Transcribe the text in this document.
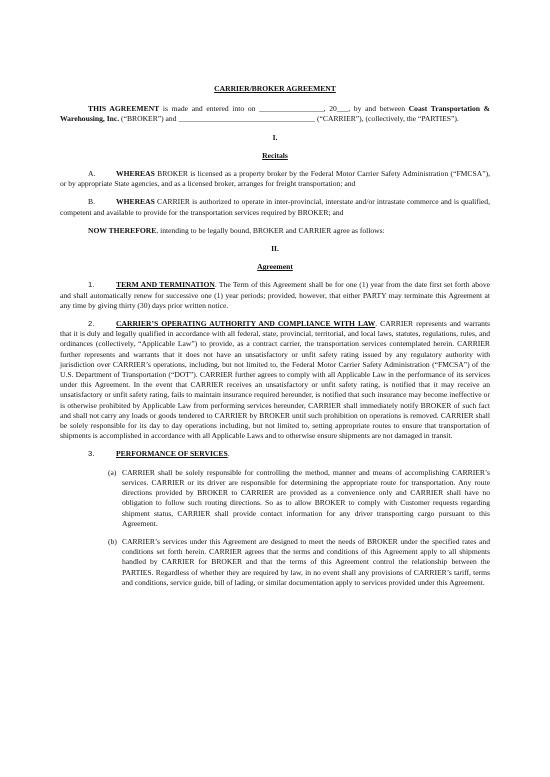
CARRIER/BROKER AGREEMENT

THIS AGREEMENT is made and entered into on _________________, 20___, by and between Coast Transportation & Warehousing, Inc. (“BROKER”) and ____________________________________ (“CARRIER”), (collectively, the “PARTIES”).

I.
Recitals

A.	WHEREAS BROKER is licensed as a property broker by the Federal Motor Carrier Safety Administration (“FMCSA”), or by appropriate State agencies, and as a licensed broker, arranges for freight transportation; and

B.	WHEREAS CARRIER is authorized to operate in inter-provincial, interstate and/or intrastate commerce and is qualified, competent and available to provide for the transportation services required by BROKER; and

NOW THEREFORE, intending to be legally bound, BROKER and CARRIER agree as follows:

II.
Agreement

1.	TERM AND TERMINATION. The Term of this Agreement shall be for one (1) year from the date first set forth above and shall automatically renew for successive one (1) year periods; provided, however, that either PARTY may terminate this Agreement at any time by giving thirty (30) days prior written notice.

2.	CARRIER’S OPERATING AUTHORITY AND COMPLIANCE WITH LAW. CARRIER represents and warrants that it is duly and legally qualified in accordance with all federal, state, provincial, territorial, and local laws, statutes, regulations, rules, and ordinances (collectively, “Applicable Law”) to provide, as a contract carrier, the transportation services contemplated herein. CARRIER further represents and warrants that it does not have an unsatisfactory or unfit safety rating issued by any regulatory authority with jurisdiction over CARRIER’s operations, including, but not limited to, the Federal Motor Carrier Safety Administration (“FMCSA”) of the U.S. Department of Transportation (“DOT”). CARRIER further agrees to comply with all Applicable Law in the performance of its services under this Agreement. In the event that CARRIER receives an unsatisfactory or unfit safety rating, is notified that it may receive an unsatisfactory or unfit safety rating, fails to maintain insurance required hereunder, is notified that such insurance may become ineffective or is otherwise prohibited by Applicable Law from performing services hereunder, CARRIER shall immediately notify BROKER of such fact and shall not carry any loads or goods tendered to CARRIER by BROKER until such prohibition on operations is removed. CARRIER shall be solely responsible for its day to day operations including, but not limited to, setting appropriate routes to ensure that transportation of shipments is accomplished in accordance with all Applicable Laws and to otherwise ensure shipments are not damaged in transit.

3.	PERFORMANCE OF SERVICES.

(a) CARRIER shall be solely responsible for controlling the method, manner and means of accomplishing CARRIER’s services. CARRIER or its driver are responsible for determining the appropriate route for transportation. Any route directions provided by BROKER to CARRIER are provided as a convenience only and CARRIER shall have no obligation to follow such routing directions. So as to allow BROKER to comply with Customer requests regarding shipment status, CARRIER shall provide contact information for any driver transporting cargo pursuant to this Agreement.
(b) CARRIER’s services under this Agreement are designed to meet the needs of BROKER under the specified rates and conditions set forth herein. CARRIER agrees that the terms and conditions of this Agreement apply to all shipments handled by CARRIER for BROKER and that the terms of this Agreement control the relationship between the PARTIES. Regardless of whether they are required by law, in no event shall any provisions of CARRIER’s tariff, terms and conditions, service guide, bill of lading, or similar documentation apply to services provided under this Agreement.
